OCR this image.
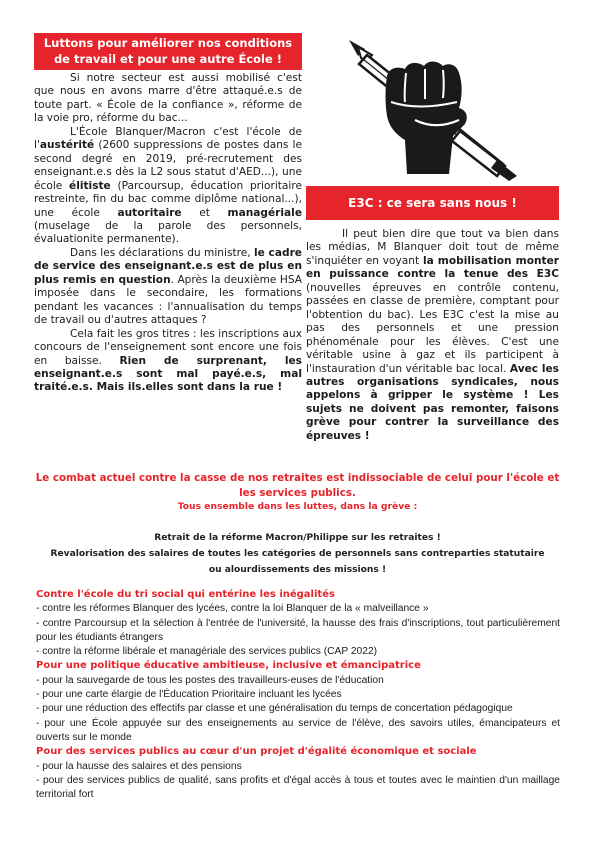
Luttons pour améliorer nos conditions de travail et pour une autre École !

Si notre secteur est aussi mobilisé c'est que nous en avons marre d'être attaqué.e.s de toute part. « École de la confiance », réforme de la voie pro, réforme du bac...

L'École Blanquer/Macron c'est l'école de l'austérité (2600 suppressions de postes dans le second degré en 2019, pré-recrutement des enseignant.e.s dès la L2 sous statut d'AED...), une école élitiste (Parcoursup, éducation prioritaire restreinte, fin du bac comme diplôme national...), une école autoritaire et managériale (muselage de la parole des personnels, évaluationite permanente).

Dans les déclarations du ministre, le cadre de service des enseignant.e.s est de plus en plus remis en question. Après la deuxième HSA imposée dans le secondaire, les formations pendant les vacances : l'annualisation du temps de travail ou d'autres attaques ?

Cela fait les gros titres : les inscriptions aux concours de l'enseignement sont encore une fois en baisse. Rien de surprenant, les enseignant.e.s sont mal payé.e.s, mal traité.e.s. Mais ils.elles sont dans la rue !

E3C : ce sera sans nous !

Il peut bien dire que tout va bien dans les médias, M Blanquer doit tout de même s'inquiéter en voyant la mobilisation monter en puissance contre la tenue des E3C (nouvelles épreuves en contrôle contenu, passées en classe de première, comptant pour l'obtention du bac). Les E3C c'est la mise au pas des personnels et une pression phénoménale pour les élèves. C'est une véritable usine à gaz et ils participent à l'instauration d'un véritable bac local. Avec les autres organisations syndicales, nous appelons à gripper le système ! Les sujets ne doivent pas remonter, faisons grève pour contrer la surveillance des épreuves !

Le combat actuel contre la casse de nos retraites est indissociable de celui pour l'école et les services publics.
Tous ensemble dans les luttes, dans la grève :
Retrait de la réforme Macron/Philippe sur les retraites !
Revalorisation des salaires de toutes les catégories de personnels sans contreparties statutaire
ou alourdissements des missions !
Contre l'école du tri social qui entérine les inégalités
- contre les réformes Blanquer des lycées, contre la loi Blanquer de la « malveillance »
- contre Parcoursup et la sélection à l'entrée de l'université, la hausse des frais d'inscriptions, tout particulièrement pour les étudiants étrangers
- contre la réforme libérale et managériale des services publics (CAP 2022)
Pour une politique éducative ambitieuse, inclusive et émancipatrice
- pour la sauvegarde de tous les postes des travailleurs-euses de l'éducation
- pour une carte élargie de l'Éducation Prioritaire incluant les lycées
- pour une réduction des effectifs par classe et une généralisation du temps de concertation pédagogique
- pour une École appuyée sur des enseignements au service de l'élève, des savoirs utiles, émancipateurs et ouverts sur le monde
Pour des services publics au cœur d'un projet d'égalité économique et sociale
- pour la hausse des salaires et des pensions
- pour des services publics de qualité, sans profits et d'égal accès à tous et toutes avec le maintien d'un maillage territorial fort
